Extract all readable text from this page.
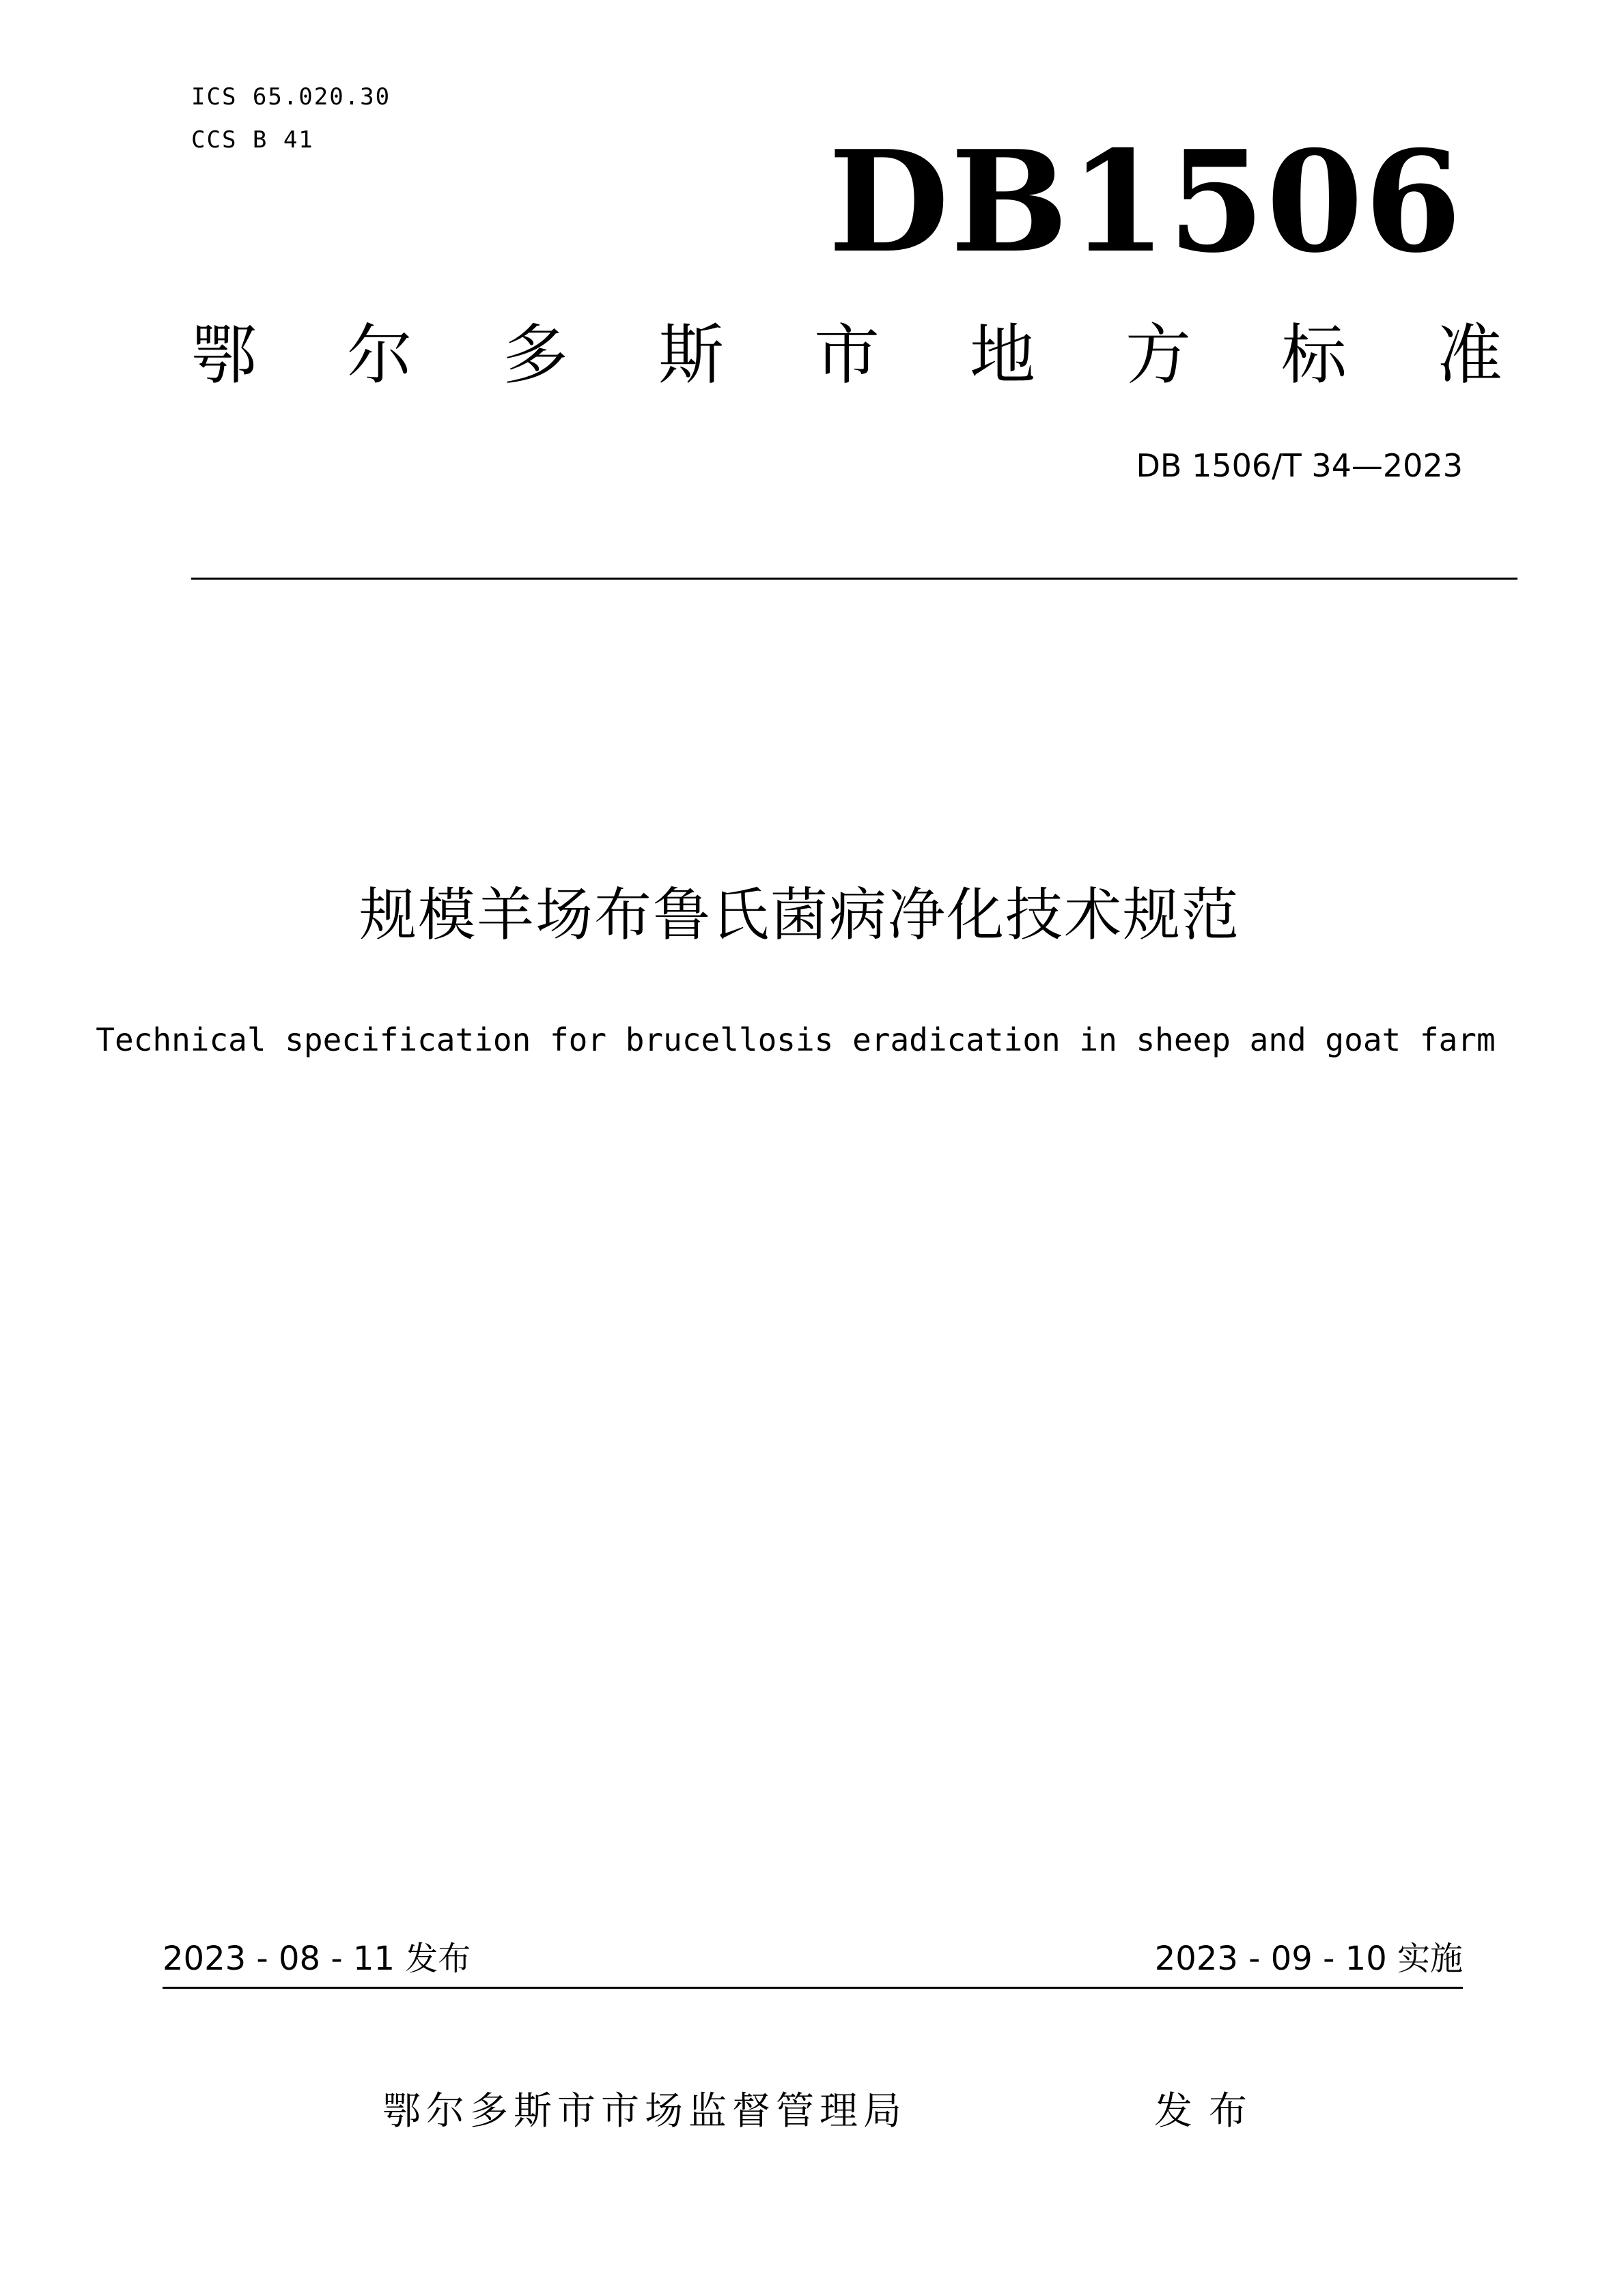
ICS 65.020.30
CCS B 41	DB1506
鄂 尔 多 斯 市 地 方 标 准
DB 1506/T 34—2023
规模羊场布鲁氏菌病净化技术规范
Technical specification for brucellosis eradication in sheep and goat farm
2023 - 08 - 11 发布	2023 - 09 - 10 实施
鄂尔多斯市市场监督管理局	发布
